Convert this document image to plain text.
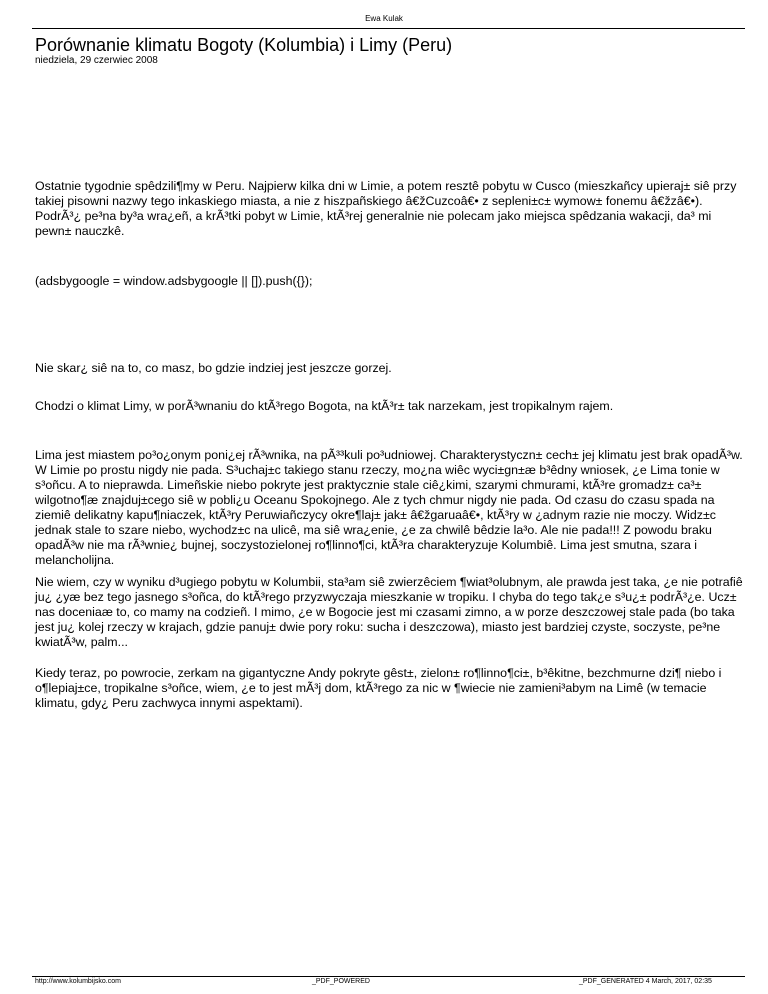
Ewa Kulak
Porównanie klimatu Bogoty (Kolumbia) i Limy (Peru)
niedziela, 29 czerwiec 2008

Ostatnie tygodnie spêdzili¶my w Peru. Najpierw kilka dni w Limie, a potem resztê pobytu w Cusco (mieszkañcy upieraj± siê przy takiej pisowni nazwy tego inkaskiego miasta, a nie z hiszpañskiego â€žCuzcoâ€• z sepleni±c± wymow± fonemu â€žzâ€•). PodrÃ³¿ pe³na by³a wra¿eñ, a krÃ³tki pobyt w Limie, ktÃ³rej generalnie nie polecam jako miejsca spêdzania wakacji, da³ mi pewn± nauczkê.

(adsbygoogle = window.adsbygoogle || []).push({});

Nie skar¿ siê na to, co masz, bo gdzie indziej jest jeszcze gorzej.

Chodzi o klimat Limy, w porÃ³wnaniu do ktÃ³rego Bogota, na ktÃ³r± tak narzekam, jest tropikalnym rajem.

Lima jest miastem po³o¿onym poni¿ej rÃ³wnika, na pÃ³³kuli po³udniowej. Charakterystyczn± cech± jej klimatu jest brak opadÃ³w. W Limie po prostu nigdy nie pada. S³uchaj±c takiego stanu rzeczy, mo¿na wiêc wyci±gn±æ b³êdny wniosek, ¿e Lima tonie w s³oñcu. A to nieprawda. Limeñskie niebo pokryte jest praktycznie stale ciê¿kimi, szarymi chmurami, ktÃ³re gromadz± ca³± wilgotno¶æ znajduj±cego siê w pobli¿u Oceanu Spokojnego. Ale z tych chmur nigdy nie pada. Od czasu do czasu spada na ziemiê delikatny kapu¶niaczek, ktÃ³ry Peruwiañczycy okre¶laj± jak± â€žgaruaâ€•, ktÃ³ry w ¿adnym razie nie moczy. Widz±c jednak stale to szare niebo, wychodz±c na ulicê, ma siê wra¿enie, ¿e za chwilê bêdzie la³o. Ale nie pada!!! Z powodu braku opadÃ³w nie ma rÃ³wnie¿ bujnej, soczystozielonej ro¶linno¶ci, ktÃ³ra charakteryzuje Kolumbiê. Lima jest smutna, szara i melancholijna.

Nie wiem, czy w wyniku d³ugiego pobytu w Kolumbii, sta³am siê zwierzêciem ¶wiat³olubnym, ale prawda jest taka, ¿e nie potrafiê ju¿ ¿yæ bez tego jasnego s³oñca, do ktÃ³rego przyzwyczaja mieszkanie w tropiku. I chyba do tego tak¿e s³u¿± podrÃ³¿e. Ucz± nas doceniaæ to, co mamy na codzieñ. I mimo, ¿e w Bogocie jest mi czasami zimno, a w porze deszczowej stale pada (bo taka jest ju¿ kolej rzeczy w krajach, gdzie panuj± dwie pory roku: sucha i deszczowa), miasto jest bardziej czyste, soczyste, pe³ne kwiatÃ³w, palm...

Kiedy teraz, po powrocie, zerkam na gigantyczne Andy pokryte gêst±, zielon± ro¶linno¶ci±, b³êkitne, bezchmurne dzi¶ niebo i o¶lepiaj±ce, tropikalne s³oñce, wiem, ¿e to jest mÃ³j dom, ktÃ³rego za nic w ¶wiecie nie zamieni³abym na Limê (w temacie klimatu, gdy¿ Peru zachwyca innymi aspektami).

http://www.kolumbijsko.com	_PDF_POWERED	_PDF_GENERATED 4 March, 2017, 02:35
